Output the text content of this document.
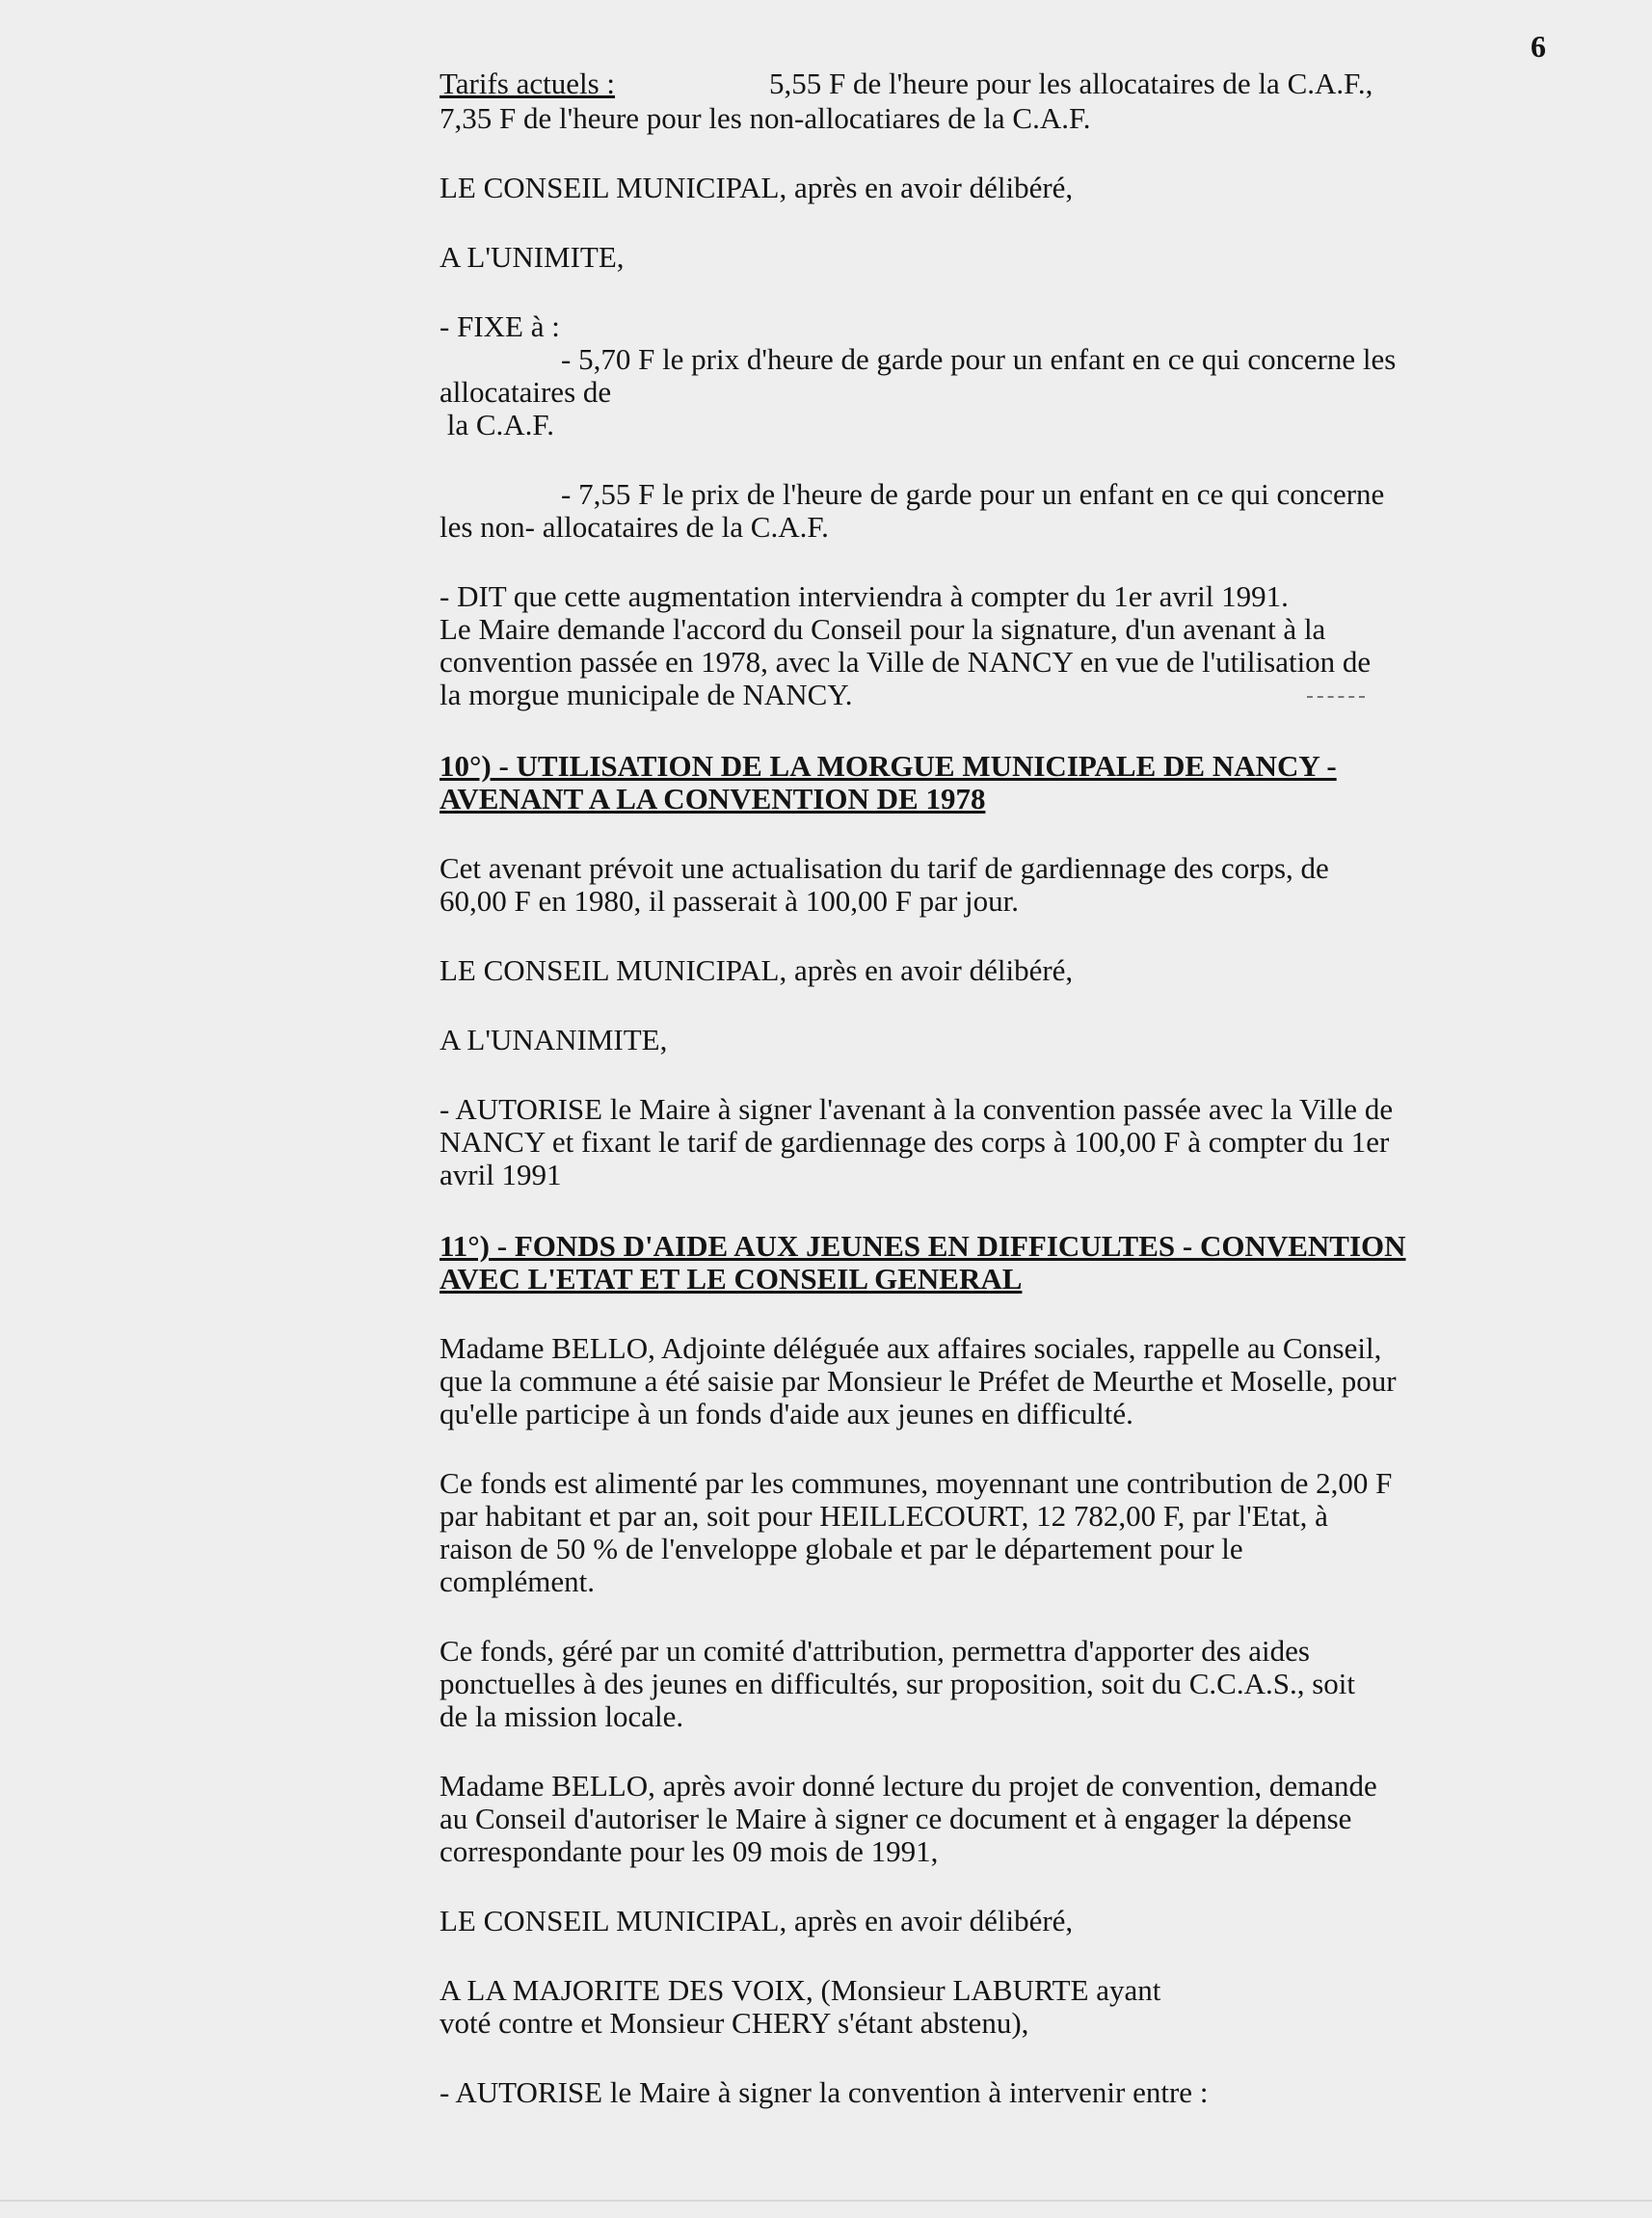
6
Tarifs actuels :	5,55 F de l'heure pour les allocataires de la C.A.F.,

7,35 F de l'heure pour les non-allocatiares de la C.A.F.

LE CONSEIL MUNICIPAL, après en avoir délibéré,

A L'UNIMITE,

- FIXE à :

- 5,70 F le prix d'heure de garde pour un enfant en ce qui concerne les

allocataires de

la C.A.F.

- 7,55 F le prix de l'heure de garde pour un enfant en ce qui concerne

les non- allocataires de la C.A.F.

- DIT que cette augmentation interviendra à compter du 1er avril 1991.

Le Maire demande l'accord du Conseil pour la signature, d'un avenant à la

convention passée en 1978, avec la Ville de NANCY en vue de l'utilisation de

la morgue municipale de NANCY.

10°) - UTILISATION DE LA MORGUE MUNICIPALE DE NANCY -

AVENANT A LA CONVENTION DE 1978

Cet avenant prévoit une actualisation du tarif de gardiennage des corps, de

60,00 F en 1980, il passerait à 100,00 F par jour.

LE CONSEIL MUNICIPAL, après en avoir délibéré,

A L'UNANIMITE,

- AUTORISE le Maire à signer l'avenant à la convention passée avec la Ville de

NANCY et fixant le tarif de gardiennage des corps à 100,00 F à compter du 1er

avril 1991

11°) - FONDS D'AIDE AUX JEUNES EN DIFFICULTES - CONVENTION

AVEC L'ETAT ET LE CONSEIL GENERAL

Madame BELLO, Adjointe déléguée aux affaires sociales, rappelle au Conseil,

que la commune a été saisie par Monsieur le Préfet de Meurthe et Moselle, pour

qu'elle participe à un fonds d'aide aux jeunes en difficulté.

Ce fonds est alimenté par les communes, moyennant une contribution de 2,00 F

par habitant et par an, soit pour HEILLECOURT, 12 782,00 F, par l'Etat, à

raison de 50 % de l'enveloppe globale et par le département pour le

complément.

Ce fonds, géré par un comité d'attribution, permettra d'apporter des aides

ponctuelles à des jeunes en difficultés, sur proposition, soit du C.C.A.S., soit

de la mission locale.

Madame BELLO, après avoir donné lecture du projet de convention, demande

au Conseil d'autoriser le Maire à signer ce document et à engager la dépense

correspondante pour les 09 mois de 1991,

LE CONSEIL MUNICIPAL, après en avoir délibéré,

A LA MAJORITE DES VOIX, (Monsieur LABURTE ayant

voté contre et Monsieur CHERY s'étant abstenu),

- AUTORISE le Maire à signer la convention à intervenir entre :
